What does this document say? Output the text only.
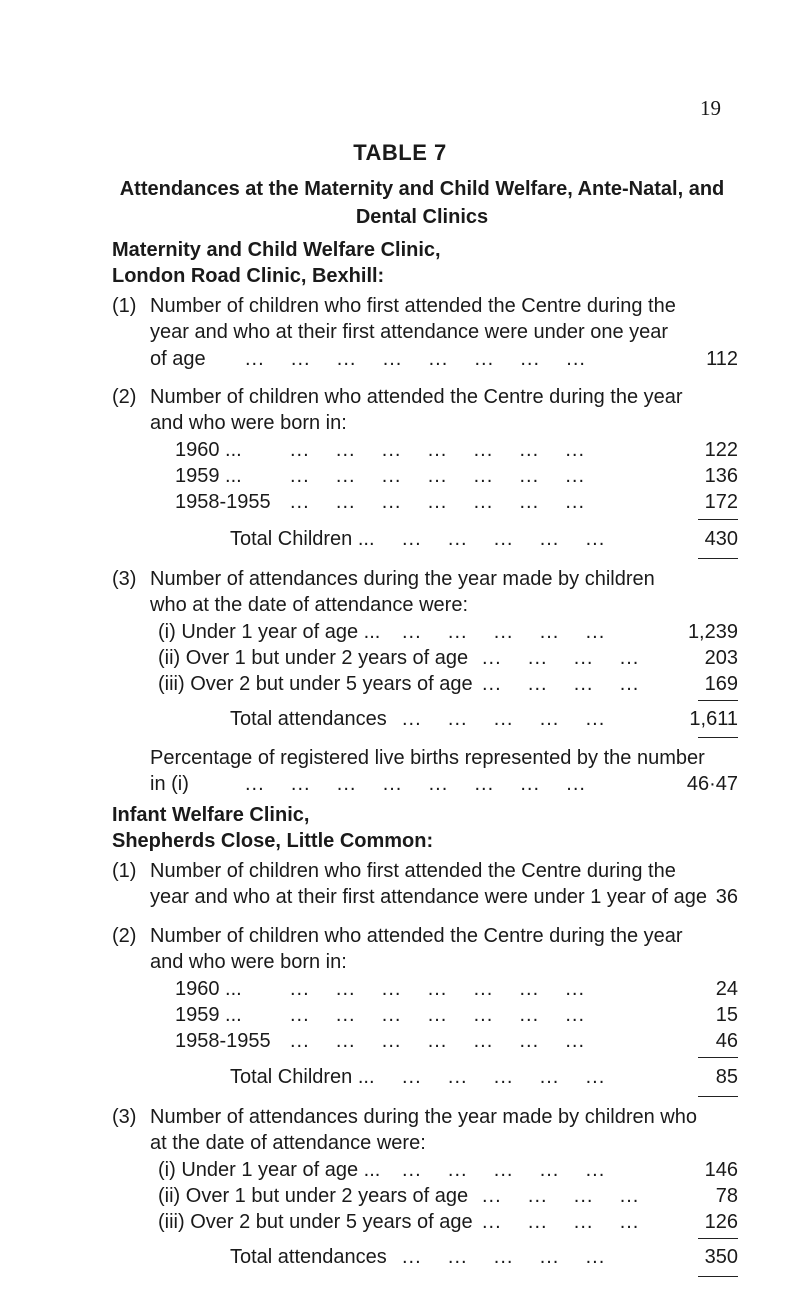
19
TABLE 7
Attendances at the Maternity and Child Welfare, Ante-Natal, and
Dental Clinics
Maternity and Child Welfare Clinic,
London Road Clinic, Bexhill:
(1) Number of children who first attended the Centre during the
year and who at their first attendance were under one year
of age ...    ...    ...    ...    ...    ...    ...    ...	112
(2) Number of children who attended the Centre during the year
and who were born in:
1960 ... ...    ...    ...    ...    ...    ...    ...	122
1959 ... ...    ...    ...    ...    ...    ...    ...	136
1958-1955 ...    ...    ...    ...    ...    ...    ...	172
Total Children ... ...    ...    ...    ...    ...	430
(3) Number of attendances during the year made by children
who at the date of attendance were:
(i) Under 1 year of age ... ...    ...    ...    ...    ...	1,239
(ii) Over 1 but under 2 years of age ...    ...    ...    ...	203
(iii) Over 2 but under 5 years of age ...    ...    ...    ...	169
Total attendances ...    ...    ...    ...    ...	1,611
Percentage of registered live births represented by the number
in (i)	...    ...    ...    ...    ...    ...    ...    ...	46·47
Infant Welfare Clinic,
Shepherds Close, Little Common:
(1) Number of children who first attended the Centre during the
year and who at their first attendance were under 1 year of age 36
(2) Number of children who attended the Centre during the year
and who were born in:
1960 ... ...    ...    ...    ...    ...    ...    ...	24
1959 ... ...    ...    ...    ...    ...    ...    ...	15
1958-1955 ...    ...    ...    ...    ...    ...    ...	46
Total Children ... ...    ...    ...    ...    ...	85
(3) Number of attendances during the year made by children who
at the date of attendance were:
(i) Under 1 year of age ... ...    ...    ...    ...    ...	146
(ii) Over 1 but under 2 years of age ...    ...    ...    ...	78
(iii) Over 2 but under 5 years of age ...    ...    ...    ...	126
Total attendances ...    ...    ...    ...    ...	350
